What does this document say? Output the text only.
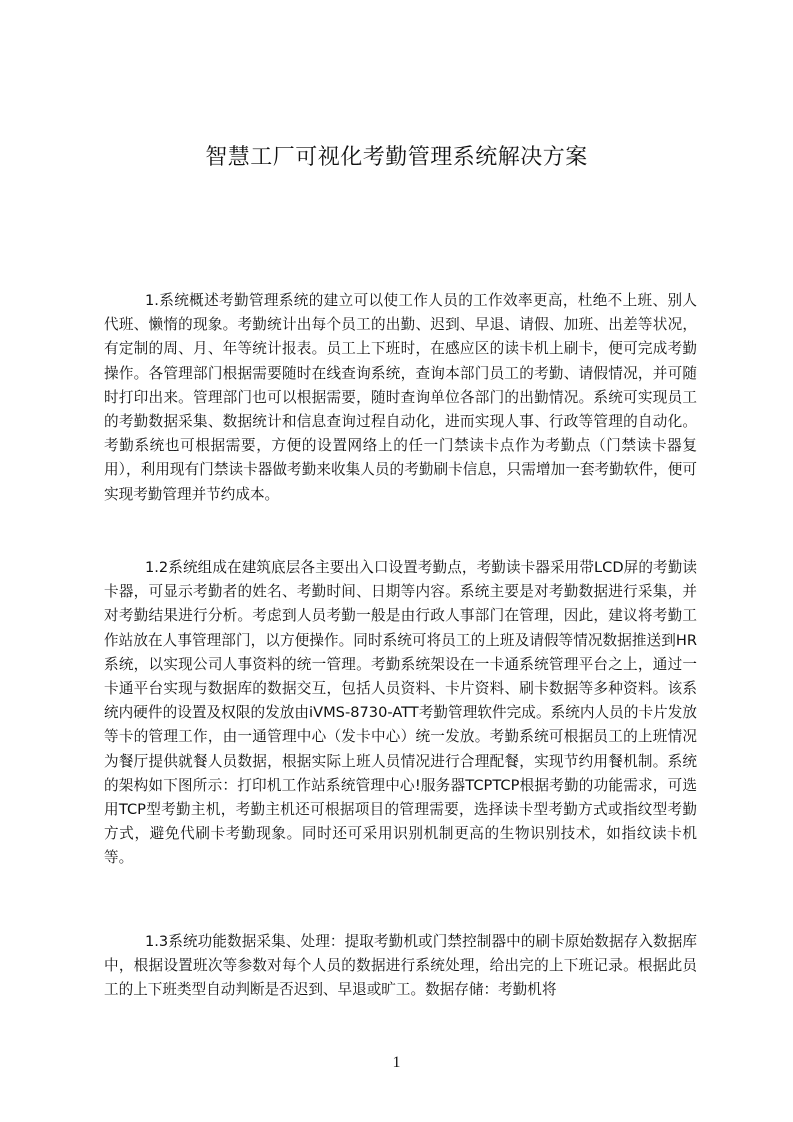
智慧工厂可视化考勤管理系统解决方案

1.系统概述考勤管理系统的建立可以使工作人员的工作效率更高，杜绝不上班、别人代班、懒惰的现象。考勤统计出每个员工的出勤、迟到、早退、请假、加班、出差等状况，有定制的周、月、年等统计报表。员工上下班时，在感应区的读卡机上刷卡，便可完成考勤操作。各管理部门根据需要随时在线查询系统，查询本部门员工的考勤、请假情况，并可随时打印出来。管理部门也可以根据需要，随时查询单位各部门的出勤情况。系统可实现员工的考勤数据采集、数据统计和信息查询过程自动化，进而实现人事、行政等管理的自动化。考勤系统也可根据需要，方便的设置网络上的任一门禁读卡点作为考勤点（门禁读卡器复用），利用现有门禁读卡器做考勤来收集人员的考勤刷卡信息，只需增加一套考勤软件，便可实现考勤管理并节约成本。

1.2系统组成在建筑底层各主要出入口设置考勤点，考勤读卡器采用带LCD屏的考勤读卡器，可显示考勤者的姓名、考勤时间、日期等内容。系统主要是对考勤数据进行采集，并对考勤结果进行分析。考虑到人员考勤一般是由行政人事部门在管理，因此，建议将考勤工作站放在人事管理部门，以方便操作。同时系统可将员工的上班及请假等情况数据推送到HR系统，以实现公司人事资料的统一管理。考勤系统架设在一卡通系统管理平台之上，通过一卡通平台实现与数据库的数据交互，包括人员资料、卡片资料、刷卡数据等多种资料。该系统内硬件的设置及权限的发放由iVMS-8730-ATT考勤管理软件完成。系统内人员的卡片发放等卡的管理工作，由一通管理中心（发卡中心）统一发放。考勤系统可根据员工的上班情况为餐厅提供就餐人员数据，根据实际上班人员情况进行合理配餐，实现节约用餐机制。系统的架构如下图所示：打印机工作站系统管理中心!服务器TCPTCP根据考勤的功能需求，可选用TCP型考勤主机，考勤主机还可根据项目的管理需要，选择读卡型考勤方式或指纹型考勤方式，避免代刷卡考勤现象。同时还可采用识别机制更高的生物识别技术，如指纹读卡机等。

1.3系统功能数据采集、处理：提取考勤机或门禁控制器中的刷卡原始数据存入数据库中，根据设置班次等参数对每个人员的数据进行系统处理，给出完的上下班记录。根据此员工的上下班类型自动判断是否迟到、早退或旷工。数据存储：考勤机将

1
